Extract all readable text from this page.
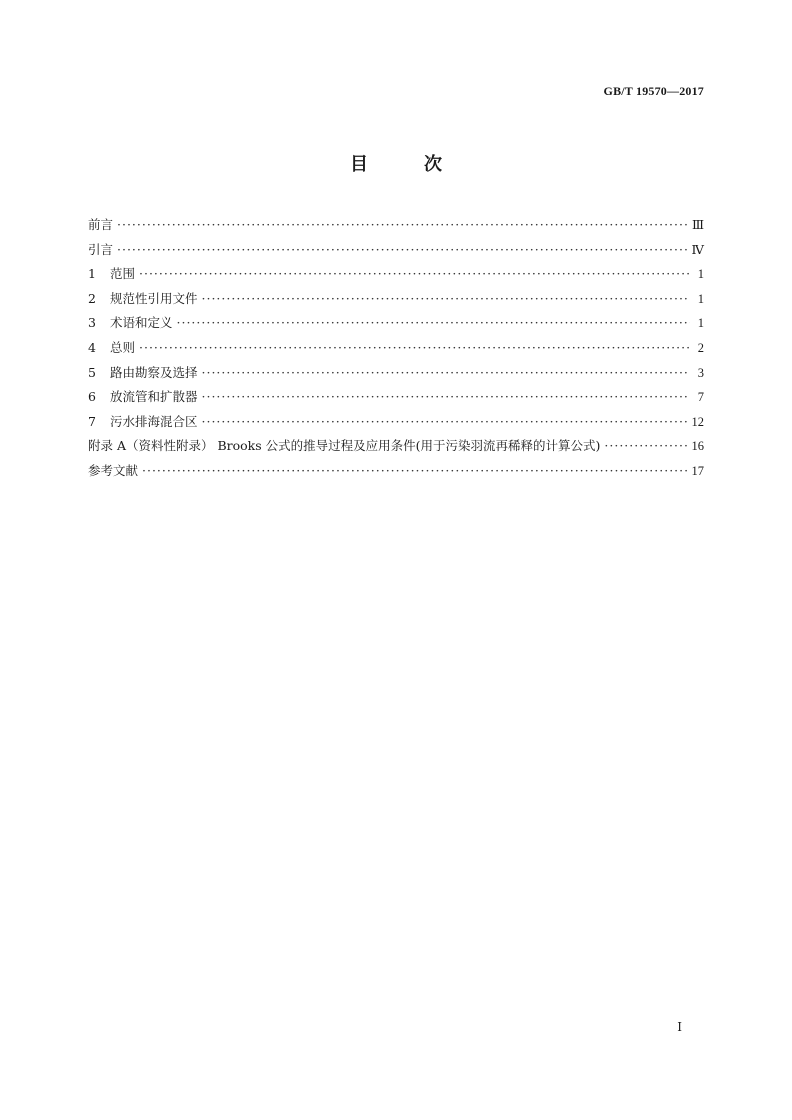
GB/T 19570—2017
目	次
前言 ·····	Ⅲ
引言 ·····	Ⅳ
1 范围 ·····	1
2 规范性引用文件 ·····	1
3 术语和定义 ·····	1
4 总则 ·····	2
5 路由勘察及选择 ·····	3
6 放流管和扩散器 ·····	7
7 污水排海混合区 ·····	12
附录 A（资料性附录） Brooks 公式的推导过程及应用条件(用于污染羽流再稀释的计算公式) ·····	16
参考文献 ·····	17
Ⅰ
